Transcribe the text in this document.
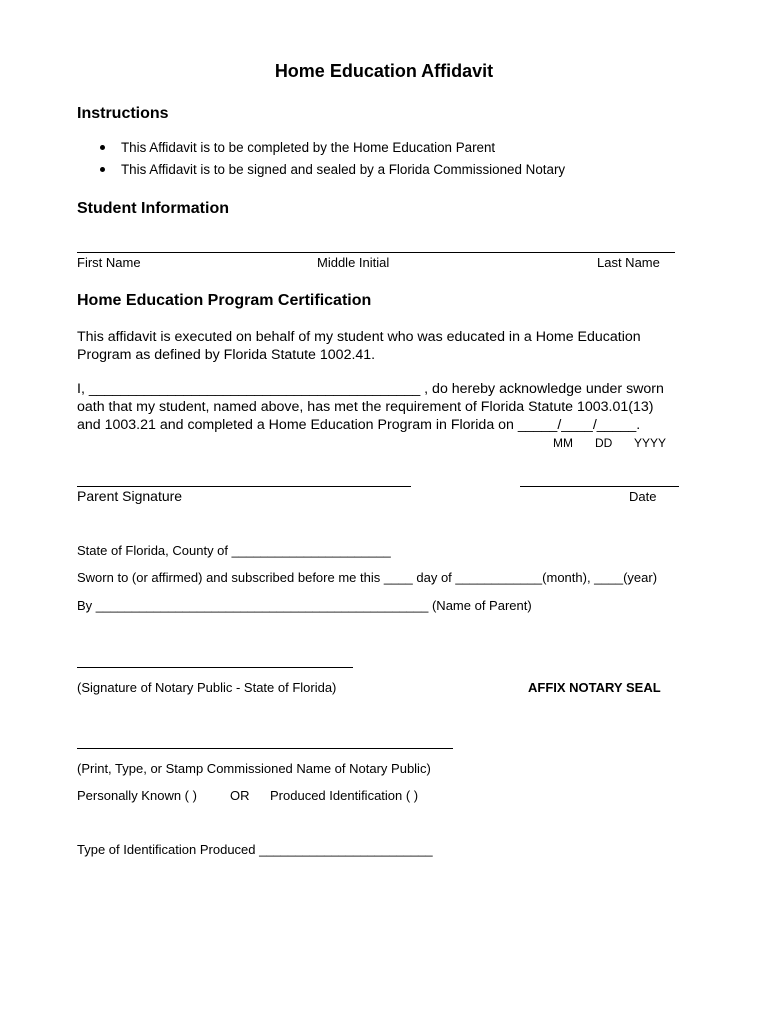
Home Education Affidavit
Instructions
This Affidavit is to be completed by the Home Education Parent
This Affidavit is to be signed and sealed by a Florida Commissioned Notary
Student Information
First Name	Middle Initial	Last Name
Home Education Program Certification
This affidavit is executed on behalf of my student who was educated in a Home Education
Program as defined by Florida Statute 1002.41.
I, __________________________________________ , do hereby acknowledge under sworn
oath that my student, named above, has met the requirement of Florida Statute 1003.01(13)
and 1003.21 and completed a Home Education Program in Florida on _____/____/_____.
MM DD YYYY
Parent Signature	Date
State of Florida, County of ______________________
Sworn to (or affirmed) and subscribed before me this ____ day of ____________(month), ____(year)
By ______________________________________________ (Name of Parent)
(Signature of Notary Public - State of Florida)	AFFIX NOTARY SEAL
(Print, Type, or Stamp Commissioned Name of Notary Public)
Personally Known ( )	OR Produced Identification ( )
Type of Identification Produced ________________________
